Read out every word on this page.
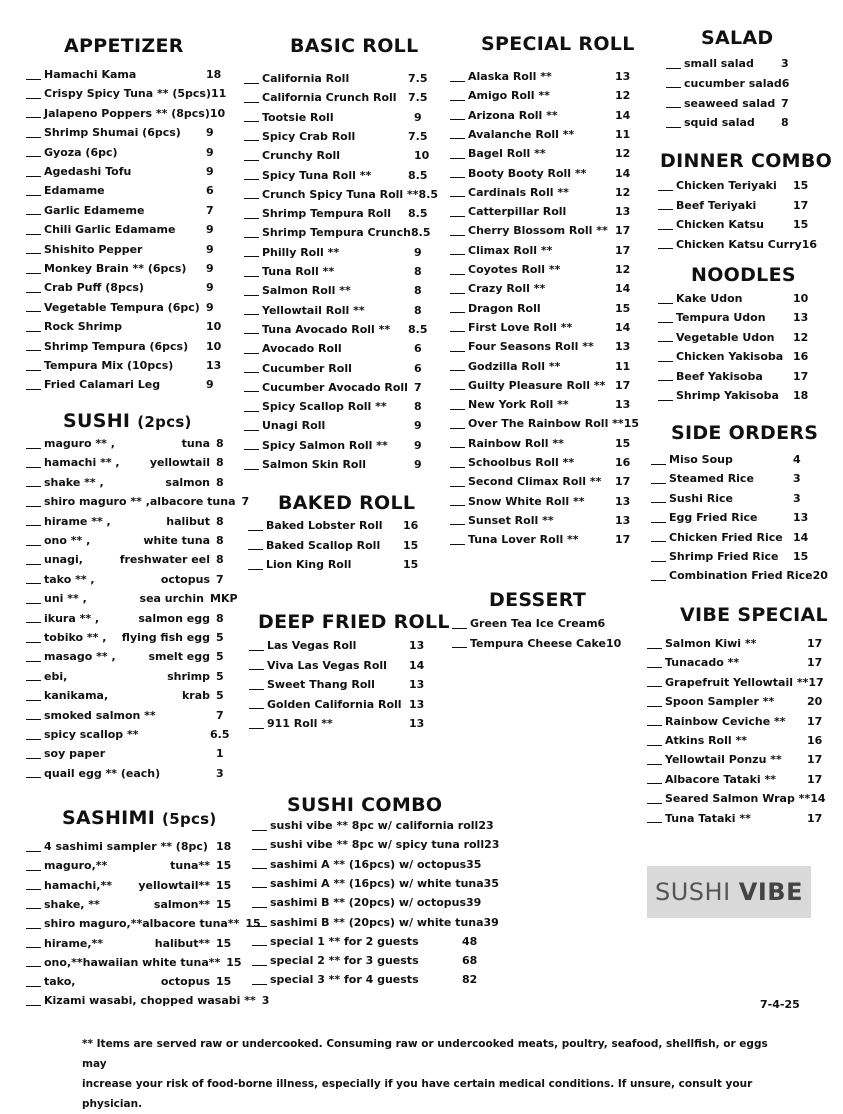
APPETIZER
SUSHI (2pcs)
SASHIMI (5pcs)
BASIC ROLL
BAKED ROLL
DEEP FRIED ROLL
SUSHI COMBO
SPECIAL ROLL
DESSERT
SALAD
DINNER COMBO
NOODLES
SIDE ORDERS
VIBE SPECIAL
Hamachi Kama	18
Crispy Spicy Tuna ** (5pcs) 11
Jalapeno Poppers ** (8pcs) 10
Shrimp Shumai (6pcs)	9
Gyoza (6pc)	9
Agedashi Tofu	9
Edamame	6
Garlic Edameme	7
Chili Garlic Edamame	9
Shishito Pepper	9
Monkey Brain ** (6pcs)	9
Crab Puff (8pcs)	9
Vegetable Tempura (6pc) 9
Rock Shrimp	10
Shrimp Tempura (6pcs)	10
Tempura Mix (10pcs)	13
Fried Calamari Leg	9
maguro ** ,	tuna 8
hamachi ** ,	yellowtail 8
shake ** ,	salmon 8
shiro maguro ** , albacore tuna 7
hirame ** ,	halibut 8
ono ** ,	white tuna 8
unagi,	freshwater eel 8
tako ** ,	octopus 7
uni ** ,	sea urchin MKP
ikura ** ,	salmon egg 8
tobiko ** ,	flying fish egg 5
masago ** ,	smelt egg 5
ebi,	shrimp 5
kanikama,	krab 5
smoked salmon **	7
spicy scallop **	6.5
soy paper	1
quail egg ** (each)	3
4 sashimi sampler ** (8pc) 18
maguro,**	tuna** 15
hamachi,**	yellowtail** 15
shake, **	salmon** 15
shiro maguro,** albacore tuna** 15
hirame,**	halibut** 15
ono,** hawaiian white tuna** 15
tako,	octopus 15
Kizami wasabi, chopped wasabi ** 3
California Roll	7.5
California Crunch Roll	7.5
Tootsie Roll	9
Spicy Crab Roll	7.5
Crunchy Roll	10
Spicy Tuna Roll **	8.5
Crunch Spicy Tuna Roll ** 8.5
Shrimp Tempura Roll	8.5
Shrimp Tempura Crunch 8.5
Philly Roll **	9
Tuna Roll **	8
Salmon Roll **	8
Yellowtail Roll **	8
Tuna Avocado Roll **	8.5
Avocado Roll	6
Cucumber Roll	6
Cucumber Avocado Roll 7
Spicy Scallop Roll **	8
Unagi Roll	9
Spicy Salmon Roll **	9
Salmon Skin Roll	9
Baked Lobster Roll	16
Baked Scallop Roll	15
Lion King Roll	15
Las Vegas Roll	13
Viva Las Vegas Roll	14
Sweet Thang Roll	13
Golden California Roll 13
911 Roll **	13
sushi vibe ** 8pc w/ california roll 23
sushi vibe ** 8pc w/ spicy tuna roll 23
sashimi A ** (16pcs) w/ octopus 35
sashimi A ** (16pcs) w/ white tuna 35
sashimi B ** (20pcs) w/ octopus 39
sashimi B ** (20pcs) w/ white tuna 39
special 1 ** for 2 guests	48
special 2 ** for 3 guests	68
special 3 ** for 4 guests	82
Alaska Roll **	13
Amigo Roll **	12
Arizona Roll **	14
Avalanche Roll **	11
Bagel Roll **	12
Booty Booty Roll **	14
Cardinals Roll **	12
Catterpillar Roll	13
Cherry Blossom Roll ** 17
Climax Roll **	17
Coyotes Roll **	12
Crazy Roll **	14
Dragon Roll	15
First Love Roll **	14
Four Seasons Roll **	13
Godzilla Roll **	11
Guilty Pleasure Roll ** 17
New York Roll **	13
Over The Rainbow Roll ** 15
Rainbow Roll **	15
Schoolbus Roll **	16
Second Climax Roll **	17
Snow White Roll **	13
Sunset Roll **	13
Tuna Lover Roll **	17
Green Tea Ice Cream 6
Tempura Cheese Cake 10
small salad	3
cucumber salad 6
seaweed salad 7
squid salad	8
Chicken Teriyaki	15
Beef Teriyaki	17
Chicken Katsu	15
Chicken Katsu Curry 16
Kake Udon	10
Tempura Udon	13
Vegetable Udon	12
Chicken Yakisoba 16
Beef Yakisoba	17
Shrimp Yakisoba	18
Miso Soup	4
Steamed Rice	3
Sushi Rice	3
Egg Fried Rice	13
Chicken Fried Rice 14
Shrimp Fried Rice	15
Combination Fried Rice 20
Salmon Kiwi **	17
Tunacado **	17
Grapefruit Yellowtail ** 17
Spoon Sampler **	20
Rainbow Ceviche **	17
Atkins Roll **	16
Yellowtail Ponzu **	17
Albacore Tataki **	17
Seared Salmon Wrap ** 14
Tuna Tataki **	17
SUSHI VIBE
7-4-25
** Items are served raw or undercooked. Consuming raw or undercooked meats, poultry, seafood, shellfish, or eggs may
increase your risk of food-borne illness, especially if you have certain medical conditions. If unsure, consult your physician.
